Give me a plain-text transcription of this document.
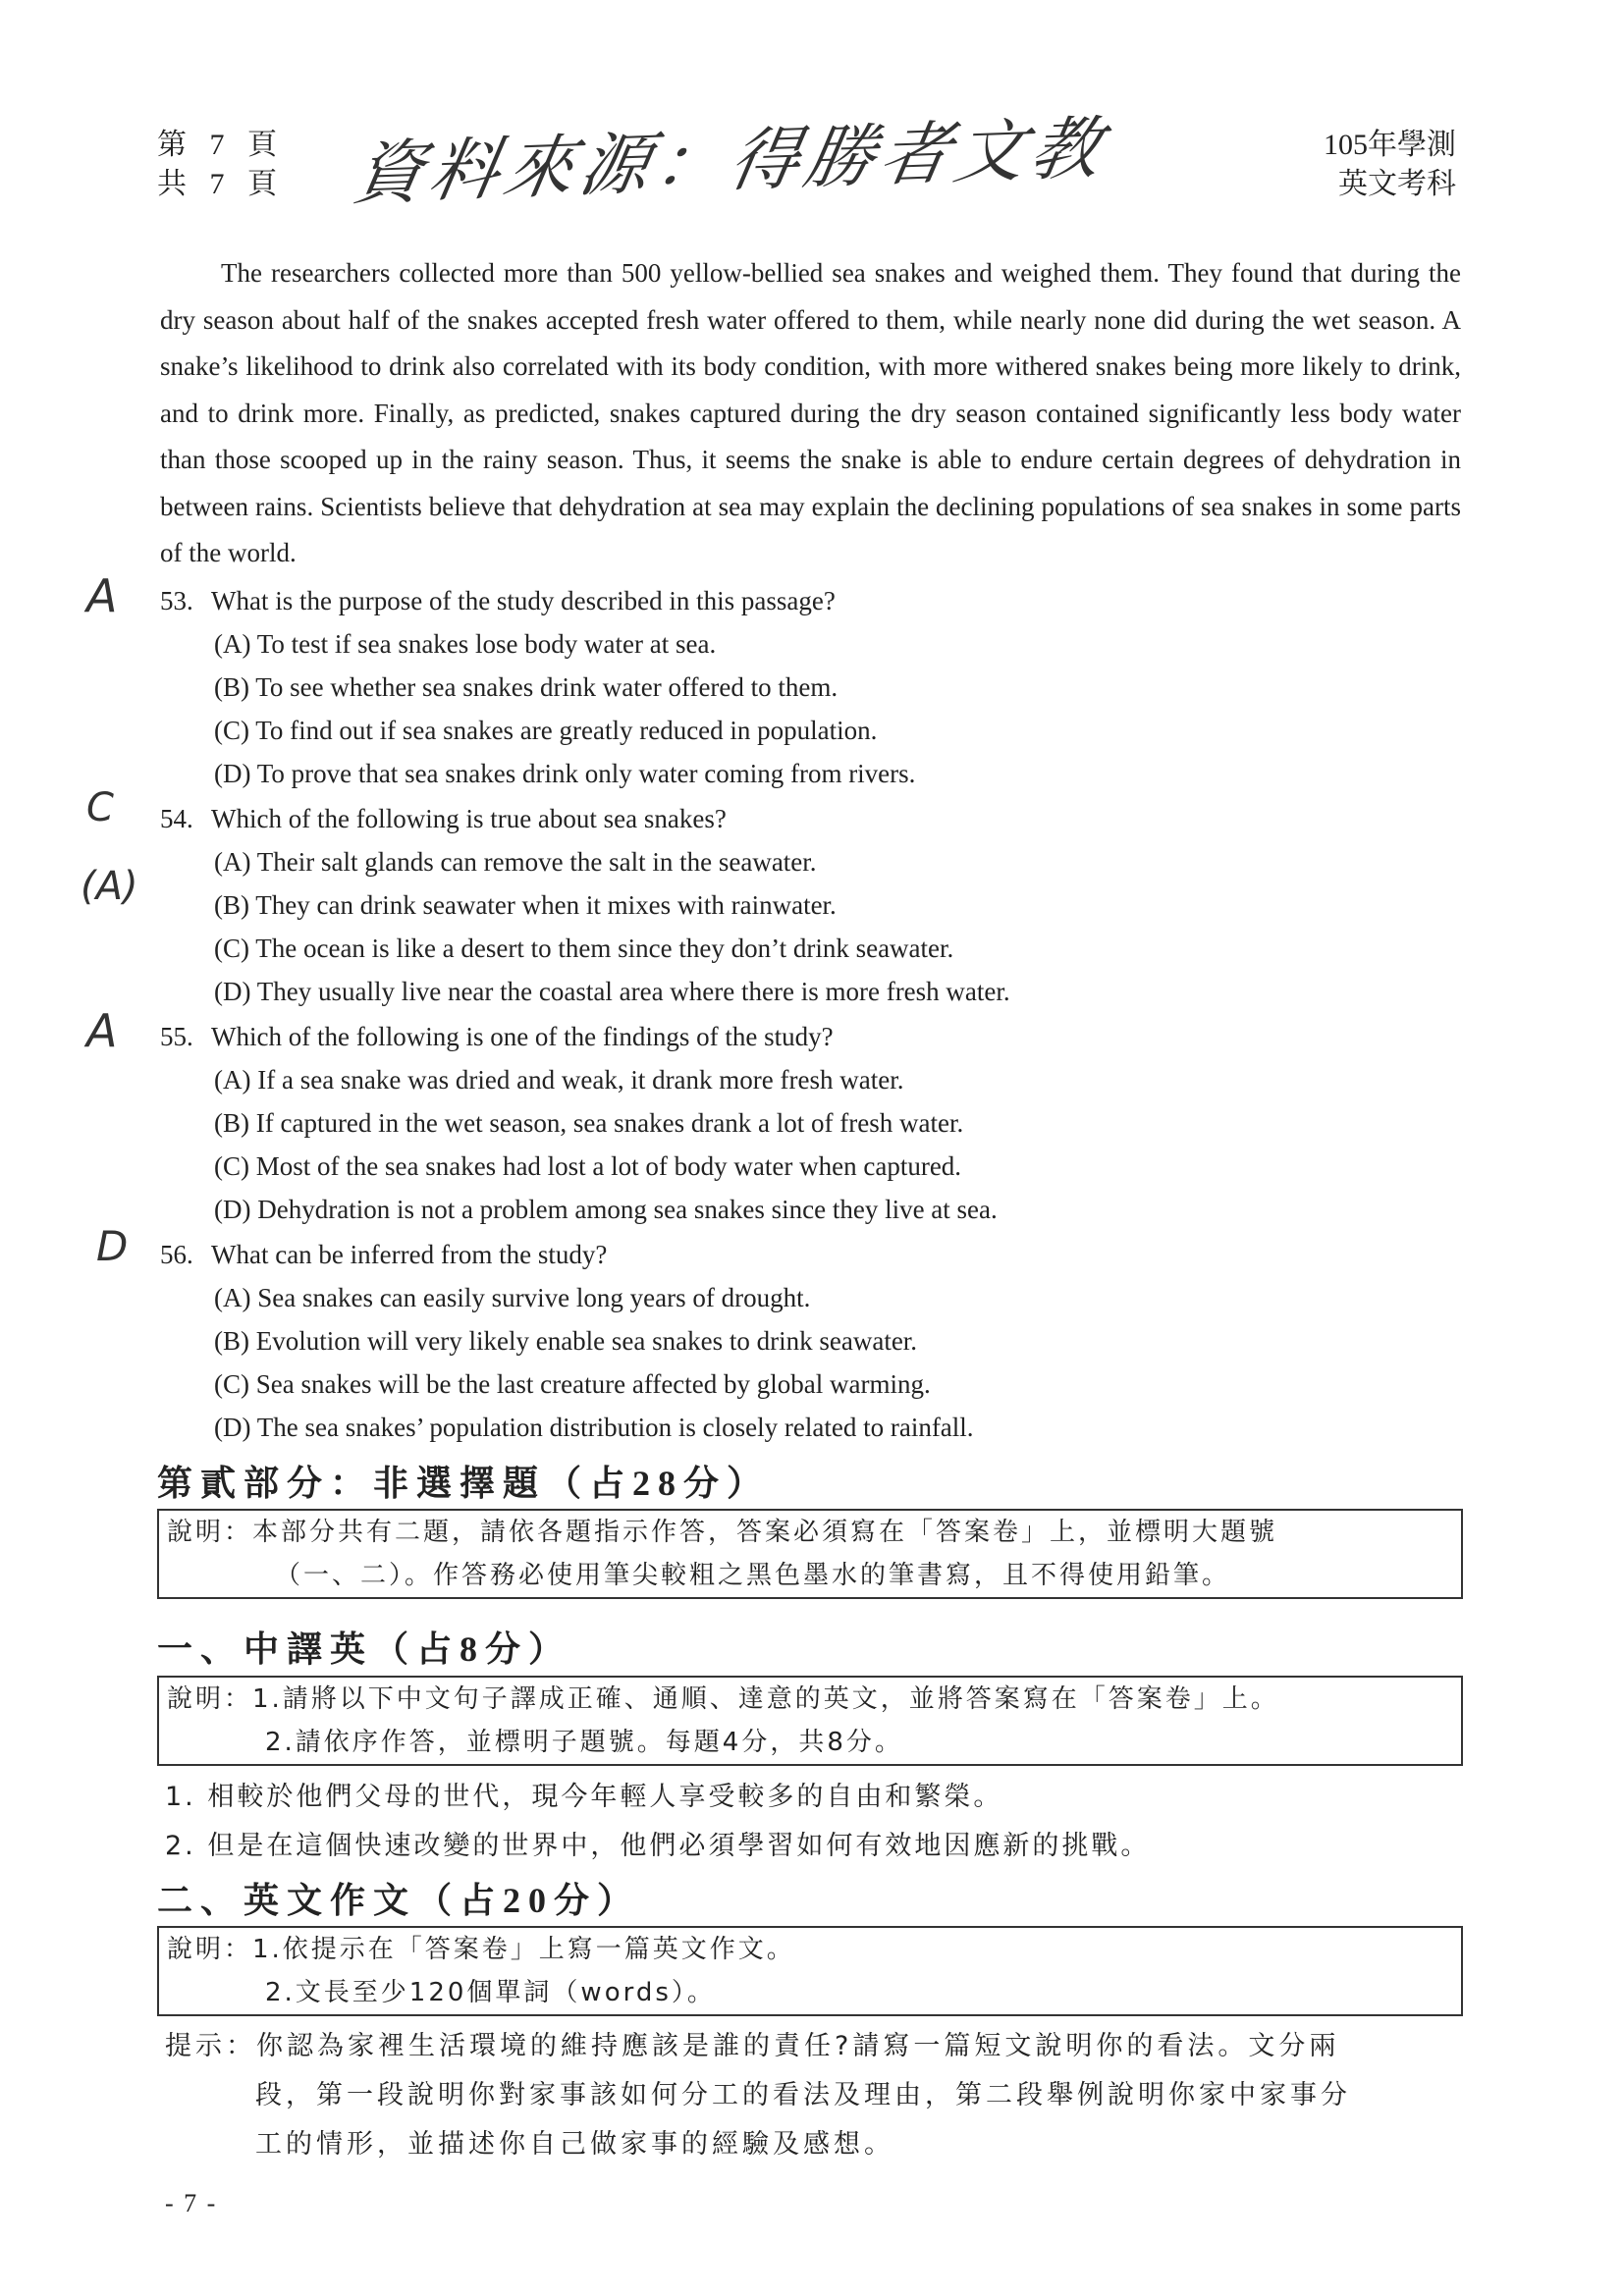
第 7 頁
共 7 頁 資料來源：得勝者文教	105年學測
英文考科
The researchers collected more than 500 yellow-bellied sea snakes and weighed them. They found that during the dry season about half of the snakes accepted fresh water offered to them, while nearly none did during the wet season. A snake’s likelihood to drink also correlated with its body condition, with more withered snakes being more likely to drink, and to drink more. Finally, as predicted, snakes captured during the dry season contained significantly less body water than those scooped up in the rainy season. Thus, it seems the snake is able to endure certain degrees of dehydration in between rains. Scientists believe that dehydration at sea may explain the declining populations of sea snakes in some parts of the world.
A
C
(A)
A
D
53. What is the purpose of the study described in this passage?
(A) To test if sea snakes lose body water at sea.
(B) To see whether sea snakes drink water offered to them.
(C) To find out if sea snakes are greatly reduced in population.
(D) To prove that sea snakes drink only water coming from rivers.
54. Which of the following is true about sea snakes?
(A) Their salt glands can remove the salt in the seawater.
(B) They can drink seawater when it mixes with rainwater.
(C) The ocean is like a desert to them since they don’t drink seawater.
(D) They usually live near the coastal area where there is more fresh water.
55. Which of the following is one of the findings of the study?
(A) If a sea snake was dried and weak, it drank more fresh water.
(B) If captured in the wet season, sea snakes drank a lot of fresh water.
(C) Most of the sea snakes had lost a lot of body water when captured.
(D) Dehydration is not a problem among sea snakes since they live at sea.
56. What can be inferred from the study?
(A) Sea snakes can easily survive long years of drought.
(B) Evolution will very likely enable sea snakes to drink seawater.
(C) Sea snakes will be the last creature affected by global warming.
(D) The sea snakes’ population distribution is closely related to rainfall.
第貳部分：非選擇題（占28分）
說明：本部分共有二題，請依各題指示作答，答案必須寫在「答案卷」上，並標明大題號
（一、二）。作答務必使用筆尖較粗之黑色墨水的筆書寫，且不得使用鉛筆。
一、中譯英（占8分）
說明：1.請將以下中文句子譯成正確、通順、達意的英文，並將答案寫在「答案卷」上。
2.請依序作答，並標明子題號。每題4分，共8分。
1. 相較於他們父母的世代，現今年輕人享受較多的自由和繁榮。
2. 但是在這個快速改變的世界中，他們必須學習如何有效地因應新的挑戰。
二、英文作文（占20分）
說明：1.依提示在「答案卷」上寫一篇英文作文。
2.文長至少120個單詞（words）。
提示：你認為家裡生活環境的維持應該是誰的責任?請寫一篇短文說明你的看法。文分兩
段，第一段說明你對家事該如何分工的看法及理由，第二段舉例說明你家中家事分
工的情形，並描述你自己做家事的經驗及感想。
- 7 -
